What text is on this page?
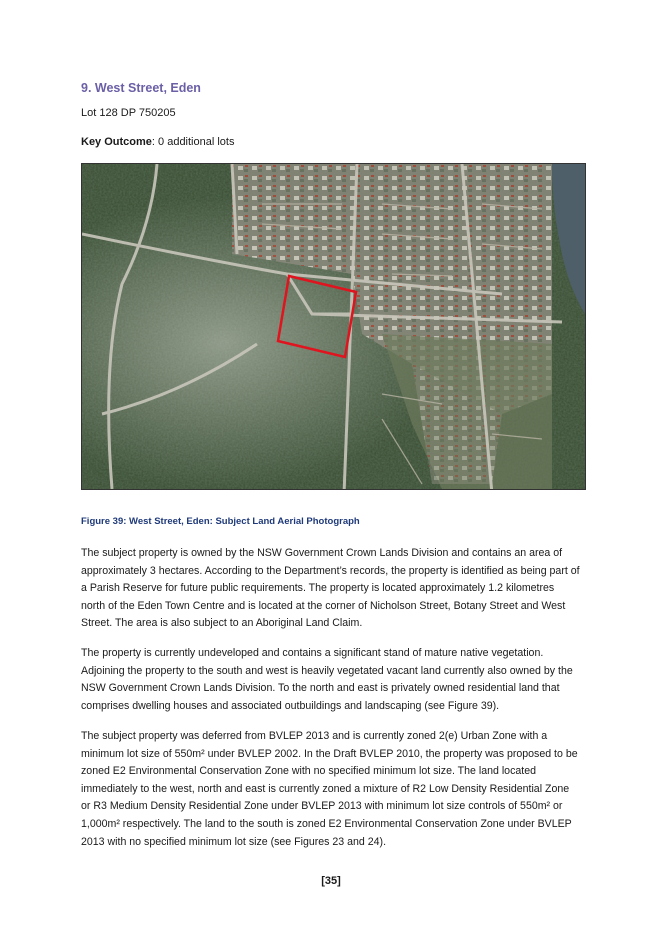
9. West Street, Eden
Lot 128 DP 750205
Key Outcome: 0 additional lots
Figure 39: West Street, Eden: Subject Land Aerial Photograph

The subject property is owned by the NSW Government Crown Lands Division and contains an area of approximately 3 hectares. According to the Department’s records, the property is identified as being part of a Parish Reserve for future public requirements. The property is located approximately 1.2 kilometres north of the Eden Town Centre and is located at the corner of Nicholson Street, Botany Street and West Street. The area is also subject to an Aboriginal Land Claim.

The property is currently undeveloped and contains a significant stand of mature native vegetation. Adjoining the property to the south and west is heavily vegetated vacant land currently also owned by the NSW Government Crown Lands Division. To the north and east is privately owned residential land that comprises dwelling houses and associated outbuildings and landscaping (see Figure 39).

The subject property was deferred from BVLEP 2013 and is currently zoned 2(e) Urban Zone with a minimum lot size of 550m² under BVLEP 2002. In the Draft BVLEP 2010, the property was proposed to be zoned E2 Environmental Conservation Zone with no specified minimum lot size. The land located immediately to the west, north and east is currently zoned a mixture of R2 Low Density Residential Zone or R3 Medium Density Residential Zone under BVLEP 2013 with minimum lot size controls of 550m² or 1,000m² respectively. The land to the south is zoned E2 Environmental Conservation Zone under BVLEP 2013 with no specified minimum lot size (see Figures 23 and 24).

[35]
